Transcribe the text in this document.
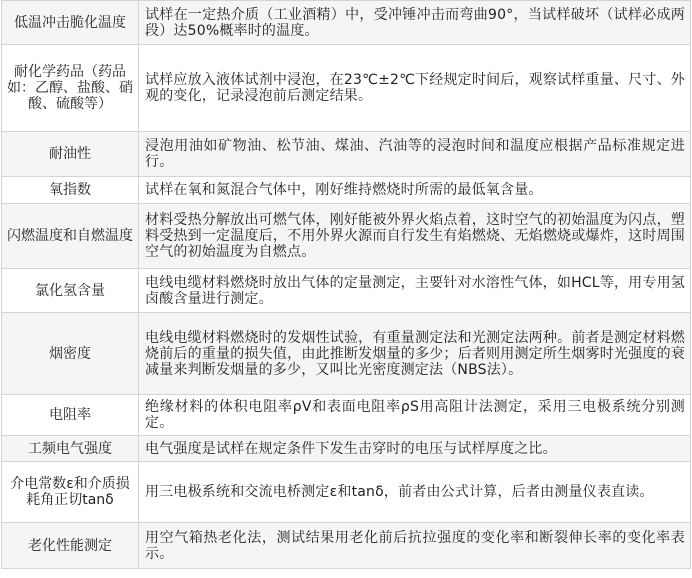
低温冲击脆化温度	试样在一定热介质（工业酒精）中，受冲锤冲击而弯曲90°，当试样破坏（试样必成两段）达50%概率时的温度。
耐化学药品（药品如：乙醇、盐酸、硝酸、硫酸等）	试样应放入液体试剂中浸泡，在23℃±2℃下经规定时间后，观察试样重量、尺寸、外观的变化，记录浸泡前后测定结果。
耐油性	浸泡用油如矿物油、松节油、煤油、汽油等的浸泡时间和温度应根据产品标准规定进行。
氧指数	试样在氧和氮混合气体中，刚好维持燃烧时所需的最低氧含量。
闪燃温度和自燃温度	材料受热分解放出可燃气体，刚好能被外界火焰点着，这时空气的初始温度为闪点，塑料受热到一定温度后，不用外界火源而自行发生有焰燃烧、无焰燃烧或爆炸，这时周围空气的初始温度为自燃点。
氯化氢含量	电线电缆材料燃烧时放出气体的定量测定，主要针对水溶性气体，如HCL等，用专用氢卤酸含量进行测定。
烟密度	电线电缆材料燃烧时的发烟性试验，有重量测定法和光测定法两种。前者是测定材料燃烧前后的重量的损失值，由此推断发烟量的多少；后者则用测定所生烟雾时光强度的衰减量来判断发烟量的多少，又叫比光密度测定法（NBS法）。
电阻率	绝缘材料的体积电阻率ρV和表面电阻率ρS用高阻计法测定，采用三电极系统分别测定。
工频电气强度	电气强度是试样在规定条件下发生击穿时的电压与试样厚度之比。
介电常数ε和介质损耗角正切tanδ	用三电极系统和交流电桥测定ε和tanδ，前者由公式计算，后者由测量仪表直读。
老化性能测定	用空气箱热老化法，测试结果用老化前后抗拉强度的变化率和断裂伸长率的变化率表示。
